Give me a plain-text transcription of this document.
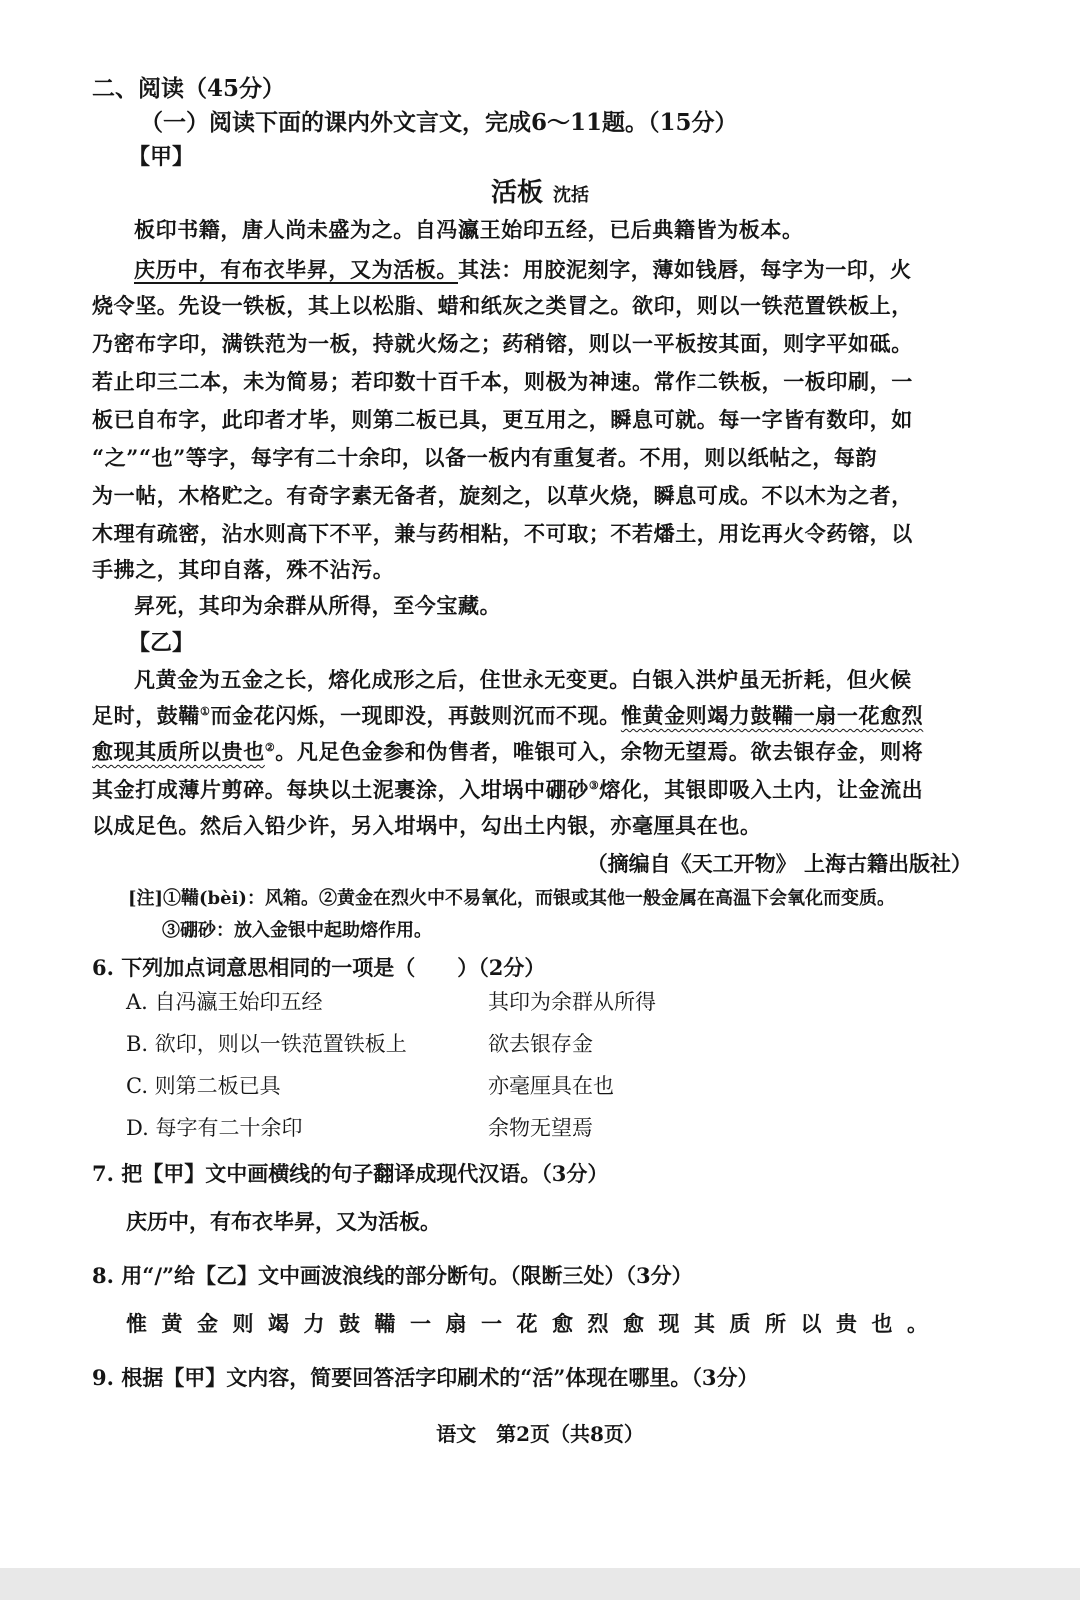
二、阅读（45分）
（一）阅读下面的课内外文言文，完成6～11题。（15分）
【甲】
活板 沈括
板印书籍，唐人尚未盛为之。自冯瀛王始印五经，已后典籍皆为板本。
庆历中，有布衣毕昇，又为活板。其法：用胶泥刻字，薄如钱唇，每字为一印，火
烧令坚。先设一铁板，其上以松脂、蜡和纸灰之类冒之。欲印，则以一铁范置铁板上，
乃密布字印，满铁范为一板，持就火炀之；药稍镕，则以一平板按其面，则字平如砥。
若止印三二本，未为简易；若印数十百千本，则极为神速。常作二铁板，一板印刷，一
板已自布字，此印者才毕，则第二板已具，更互用之，瞬息可就。每一字皆有数印，如
“之”“也”等字，每字有二十余印，以备一板内有重复者。不用，则以纸帖之，每韵
为一帖，木格贮之。有奇字素无备者，旋刻之，以草火烧，瞬息可成。不以木为之者，
木理有疏密，沾水则高下不平，兼与药相粘，不可取；不若燔土，用讫再火令药镕，以
手拂之，其印自落，殊不沾污。
昇死，其印为余群从所得，至今宝藏。
【乙】
凡黄金为五金之长，熔化成形之后，住世永无变更。白银入洪炉虽无折耗，但火候
足时，鼓鞴①而金花闪烁，一现即没，再鼓则沉而不现。惟黄金则竭力鼓鞴一扇一花愈烈
愈现其质所以贵也②。凡足色金参和伪售者，唯银可入，余物无望焉。欲去银存金，则将
其金打成薄片剪碎。每块以土泥裹涂，入坩埚中硼砂③熔化，其银即吸入土内，让金流出
以成足色。然后入铅少许，另入坩埚中，勾出土内银，亦毫厘具在也。
（摘编自《天工开物》 上海古籍出版社）
[注]①鞴(bèi)：风箱。②黄金在烈火中不易氧化，而银或其他一般金属在高温下会氧化而变质。
③硼砂：放入金银中起助熔作用。
6. 下列加点词意思相同的一项是（　　）（2分）
A. 自冯瀛王始印五经	其印为余群从所得
B. 欲印，则以一铁范置铁板上	欲去银存金
C. 则第二板已具	亦毫厘具在也
D. 每字有二十余印	余物无望焉
7. 把【甲】文中画横线的句子翻译成现代汉语。（3分）
庆历中，有布衣毕昇，又为活板。
8. 用“/”给【乙】文中画波浪线的部分断句。（限断三处）（3分）
惟黄金则竭力鼓鞴一扇一花愈烈愈现其质所以贵也。
9. 根据【甲】文内容，简要回答活字印刷术的“活”体现在哪里。（3分）
语文　第2页（共8页）
